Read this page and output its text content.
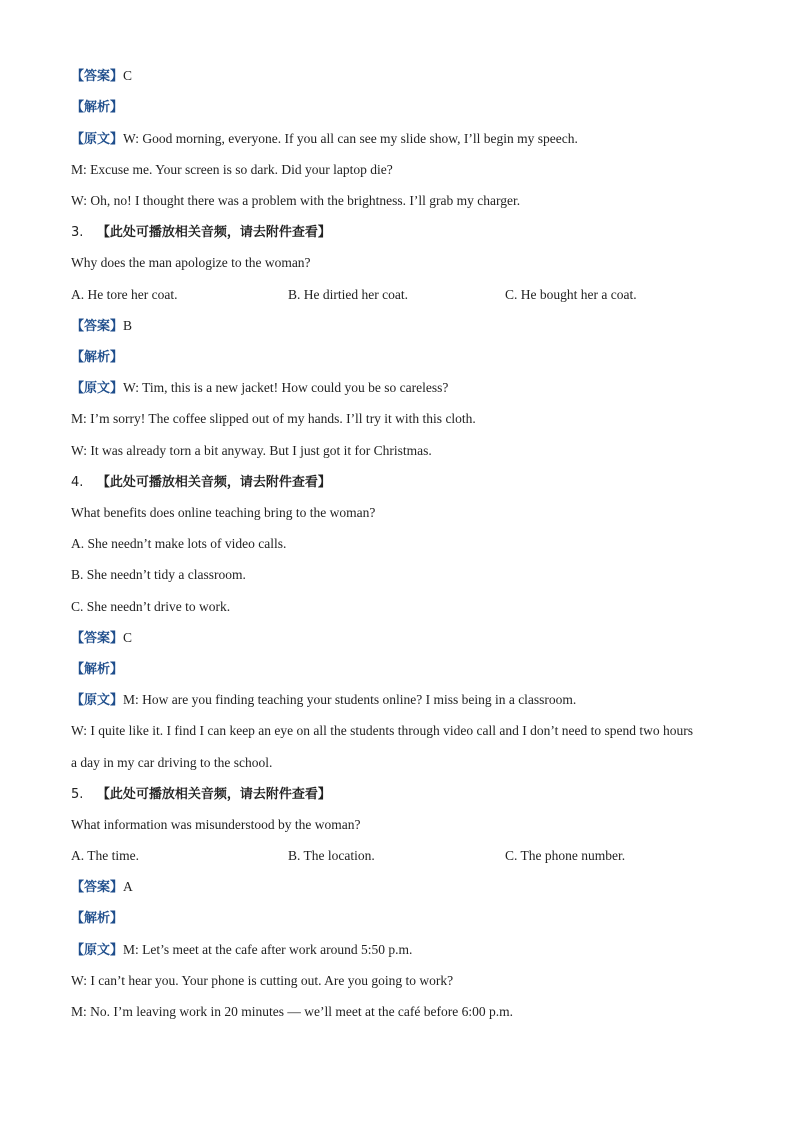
【答案】C
【解析】
【原文】W: Good morning, everyone. If you all can see my slide show, I’ll begin my speech.
M: Excuse me. Your screen is so dark. Did your laptop die?
W: Oh, no! I thought there was a problem with the brightness. I’ll grab my charger.
3. 【此处可播放相关音频，请去附件查看】
Why does the man apologize to the woman?
A. He tore her coat.	B. He dirtied her coat.	C. He bought her a coat.
【答案】B
【解析】
【原文】W: Tim, this is a new jacket! How could you be so careless?
M: I’m sorry! The coffee slipped out of my hands. I’ll try it with this cloth.
W: It was already torn a bit anyway. But I just got it for Christmas.
4. 【此处可播放相关音频，请去附件查看】
What benefits does online teaching bring to the woman?
A. She needn’t make lots of video calls.
B. She needn’t tidy a classroom.
C. She needn’t drive to work.
【答案】C
【解析】
【原文】M: How are you finding teaching your students online? I miss being in a classroom.
W: I quite like it. I find I can keep an eye on all the students through video call and I don’t need to spend two hours
a day in my car driving to the school.
5. 【此处可播放相关音频，请去附件查看】
What information was misunderstood by the woman?
A. The time.	B. The location.	C. The phone number.
【答案】A
【解析】
【原文】M: Let’s meet at the cafe after work around 5:50 p.m.
W: I can’t hear you. Your phone is cutting out. Are you going to work?
M: No. I’m leaving work in 20 minutes — we’ll meet at the café before 6:00 p.m.
